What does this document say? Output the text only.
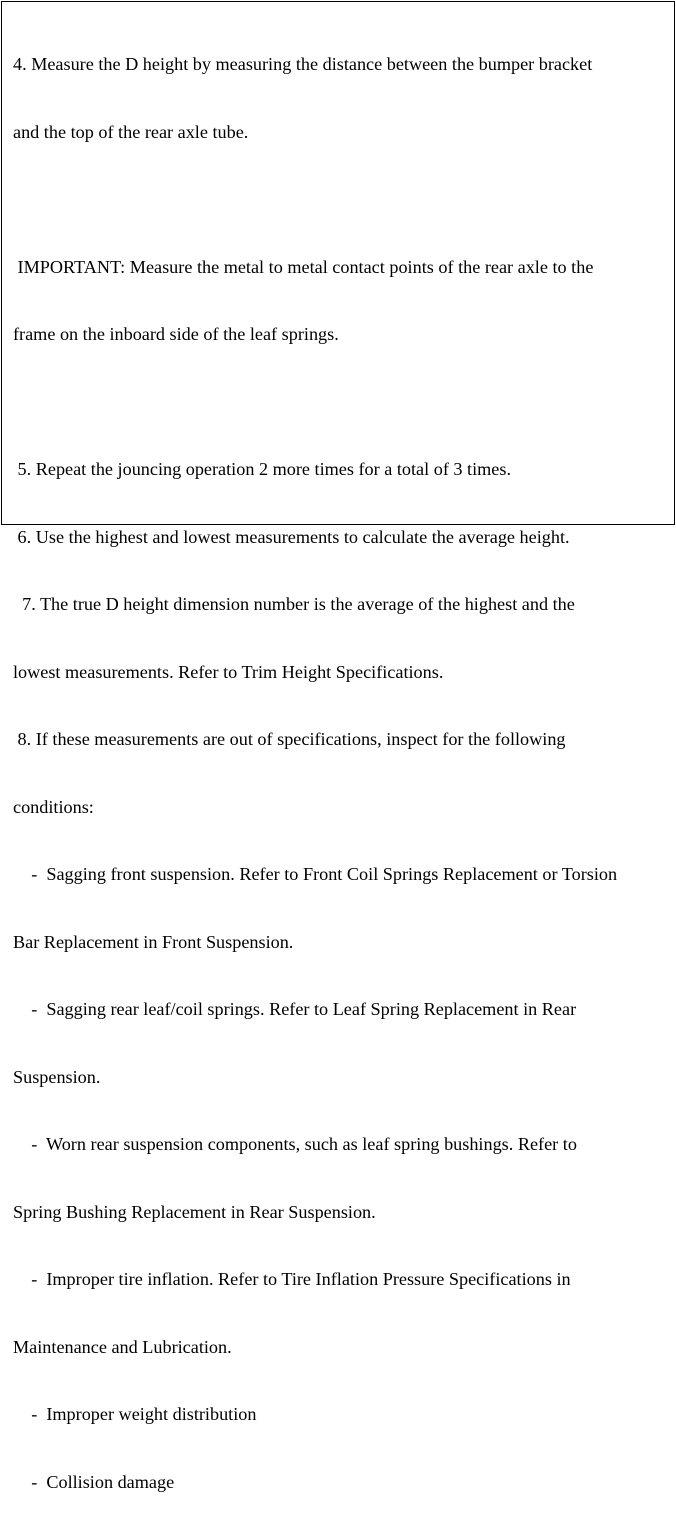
4. Measure the D height by measuring the distance between the bumper bracket

and the top of the rear axle tube.

IMPORTANT: Measure the metal to metal contact points of the rear axle to the

frame on the inboard side of the leaf springs.

5. Repeat the jouncing operation 2 more times for a total of 3 times.

6. Use the highest and lowest measurements to calculate the average height.

7. The true D height dimension number is the average of the highest and the

lowest measurements. Refer to Trim Height Specifications.

8. If these measurements are out of specifications, inspect for the following

conditions:

-  Sagging front suspension. Refer to Front Coil Springs Replacement or Torsion

Bar Replacement in Front Suspension.

-  Sagging rear leaf/coil springs. Refer to Leaf Spring Replacement in Rear

Suspension.

-  Worn rear suspension components, such as leaf spring bushings. Refer to

Spring Bushing Replacement in Rear Suspension.

-  Improper tire inflation. Refer to Tire Inflation Pressure Specifications in

Maintenance and Lubrication.

-  Improper weight distribution

-  Collision damage
